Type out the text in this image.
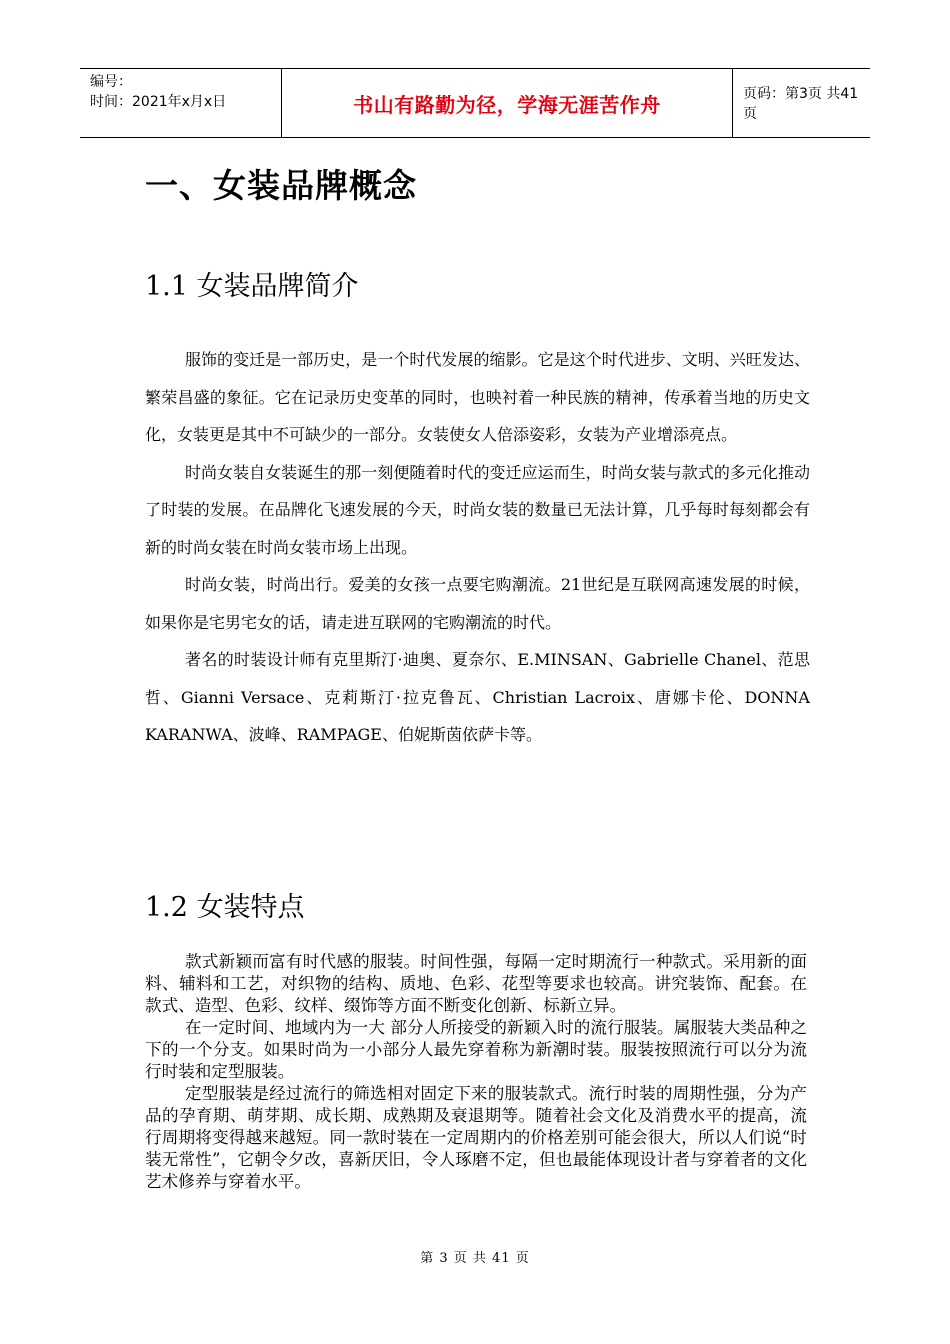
编号：
时间：2021年x月x日	书山有路勤为径，学海无涯苦作舟	页码：第3页 共41页
一、女装品牌概念
1.1 女装品牌简介

服饰的变迁是一部历史，是一个时代发展的缩影。它是这个时代进步、文明、兴旺发达、繁荣昌盛的象征。它在记录历史变革的同时，也映衬着一种民族的精神，传承着当地的历史文化，女装更是其中不可缺少的一部分。女装使女人倍添姿彩，女装为产业增添亮点。

时尚女装自女装诞生的那一刻便随着时代的变迁应运而生，时尚女装与款式的多元化推动了时装的发展。在品牌化飞速发展的今天，时尚女装的数量已无法计算，几乎每时每刻都会有新的时尚女装在时尚女装市场上出现。

时尚女装，时尚出行。爱美的女孩一点要宅购潮流。21世纪是互联网高速发展的时候，如果你是宅男宅女的话，请走进互联网的宅购潮流的时代。

著名的时装设计师有克里斯汀·迪奥、夏奈尔、E.MINSAN、Gabrielle Chanel、范思哲、Gianni Versace、克莉斯汀·拉克鲁瓦、Christian Lacroix、唐娜卡伦、DONNA KARANWA、波峰、RAMPAGE、伯妮斯茵依萨卡等。

1.2 女装特点

款式新颖而富有时代感的服装。时间性强，每隔一定时期流行一种款式。采用新的面料、辅料和工艺，对织物的结构、质地、色彩、花型等要求也较高。讲究装饰、配套。在款式、造型、色彩、纹样、缀饰等方面不断变化创新、标新立异。

在一定时间、地域内为一大 部分人所接受的新颖入时的流行服装。属服装大类品种之下的一个分支。如果时尚为一小部分人最先穿着称为新潮时装。服装按照流行可以分为流行时装和定型服装。

定型服装是经过流行的筛选相对固定下来的服装款式。流行时装的周期性强，分为产品的孕育期、萌芽期、成长期、成熟期及衰退期等。随着社会文化及消费水平的提高，流行周期将变得越来越短。同一款时装在一定周期内的价格差别可能会很大，所以人们说“时装无常性”，它朝令夕改，喜新厌旧，令人琢磨不定，但也最能体现设计者与穿着者的文化艺术修养与穿着水平。

第 3 页 共 41 页
